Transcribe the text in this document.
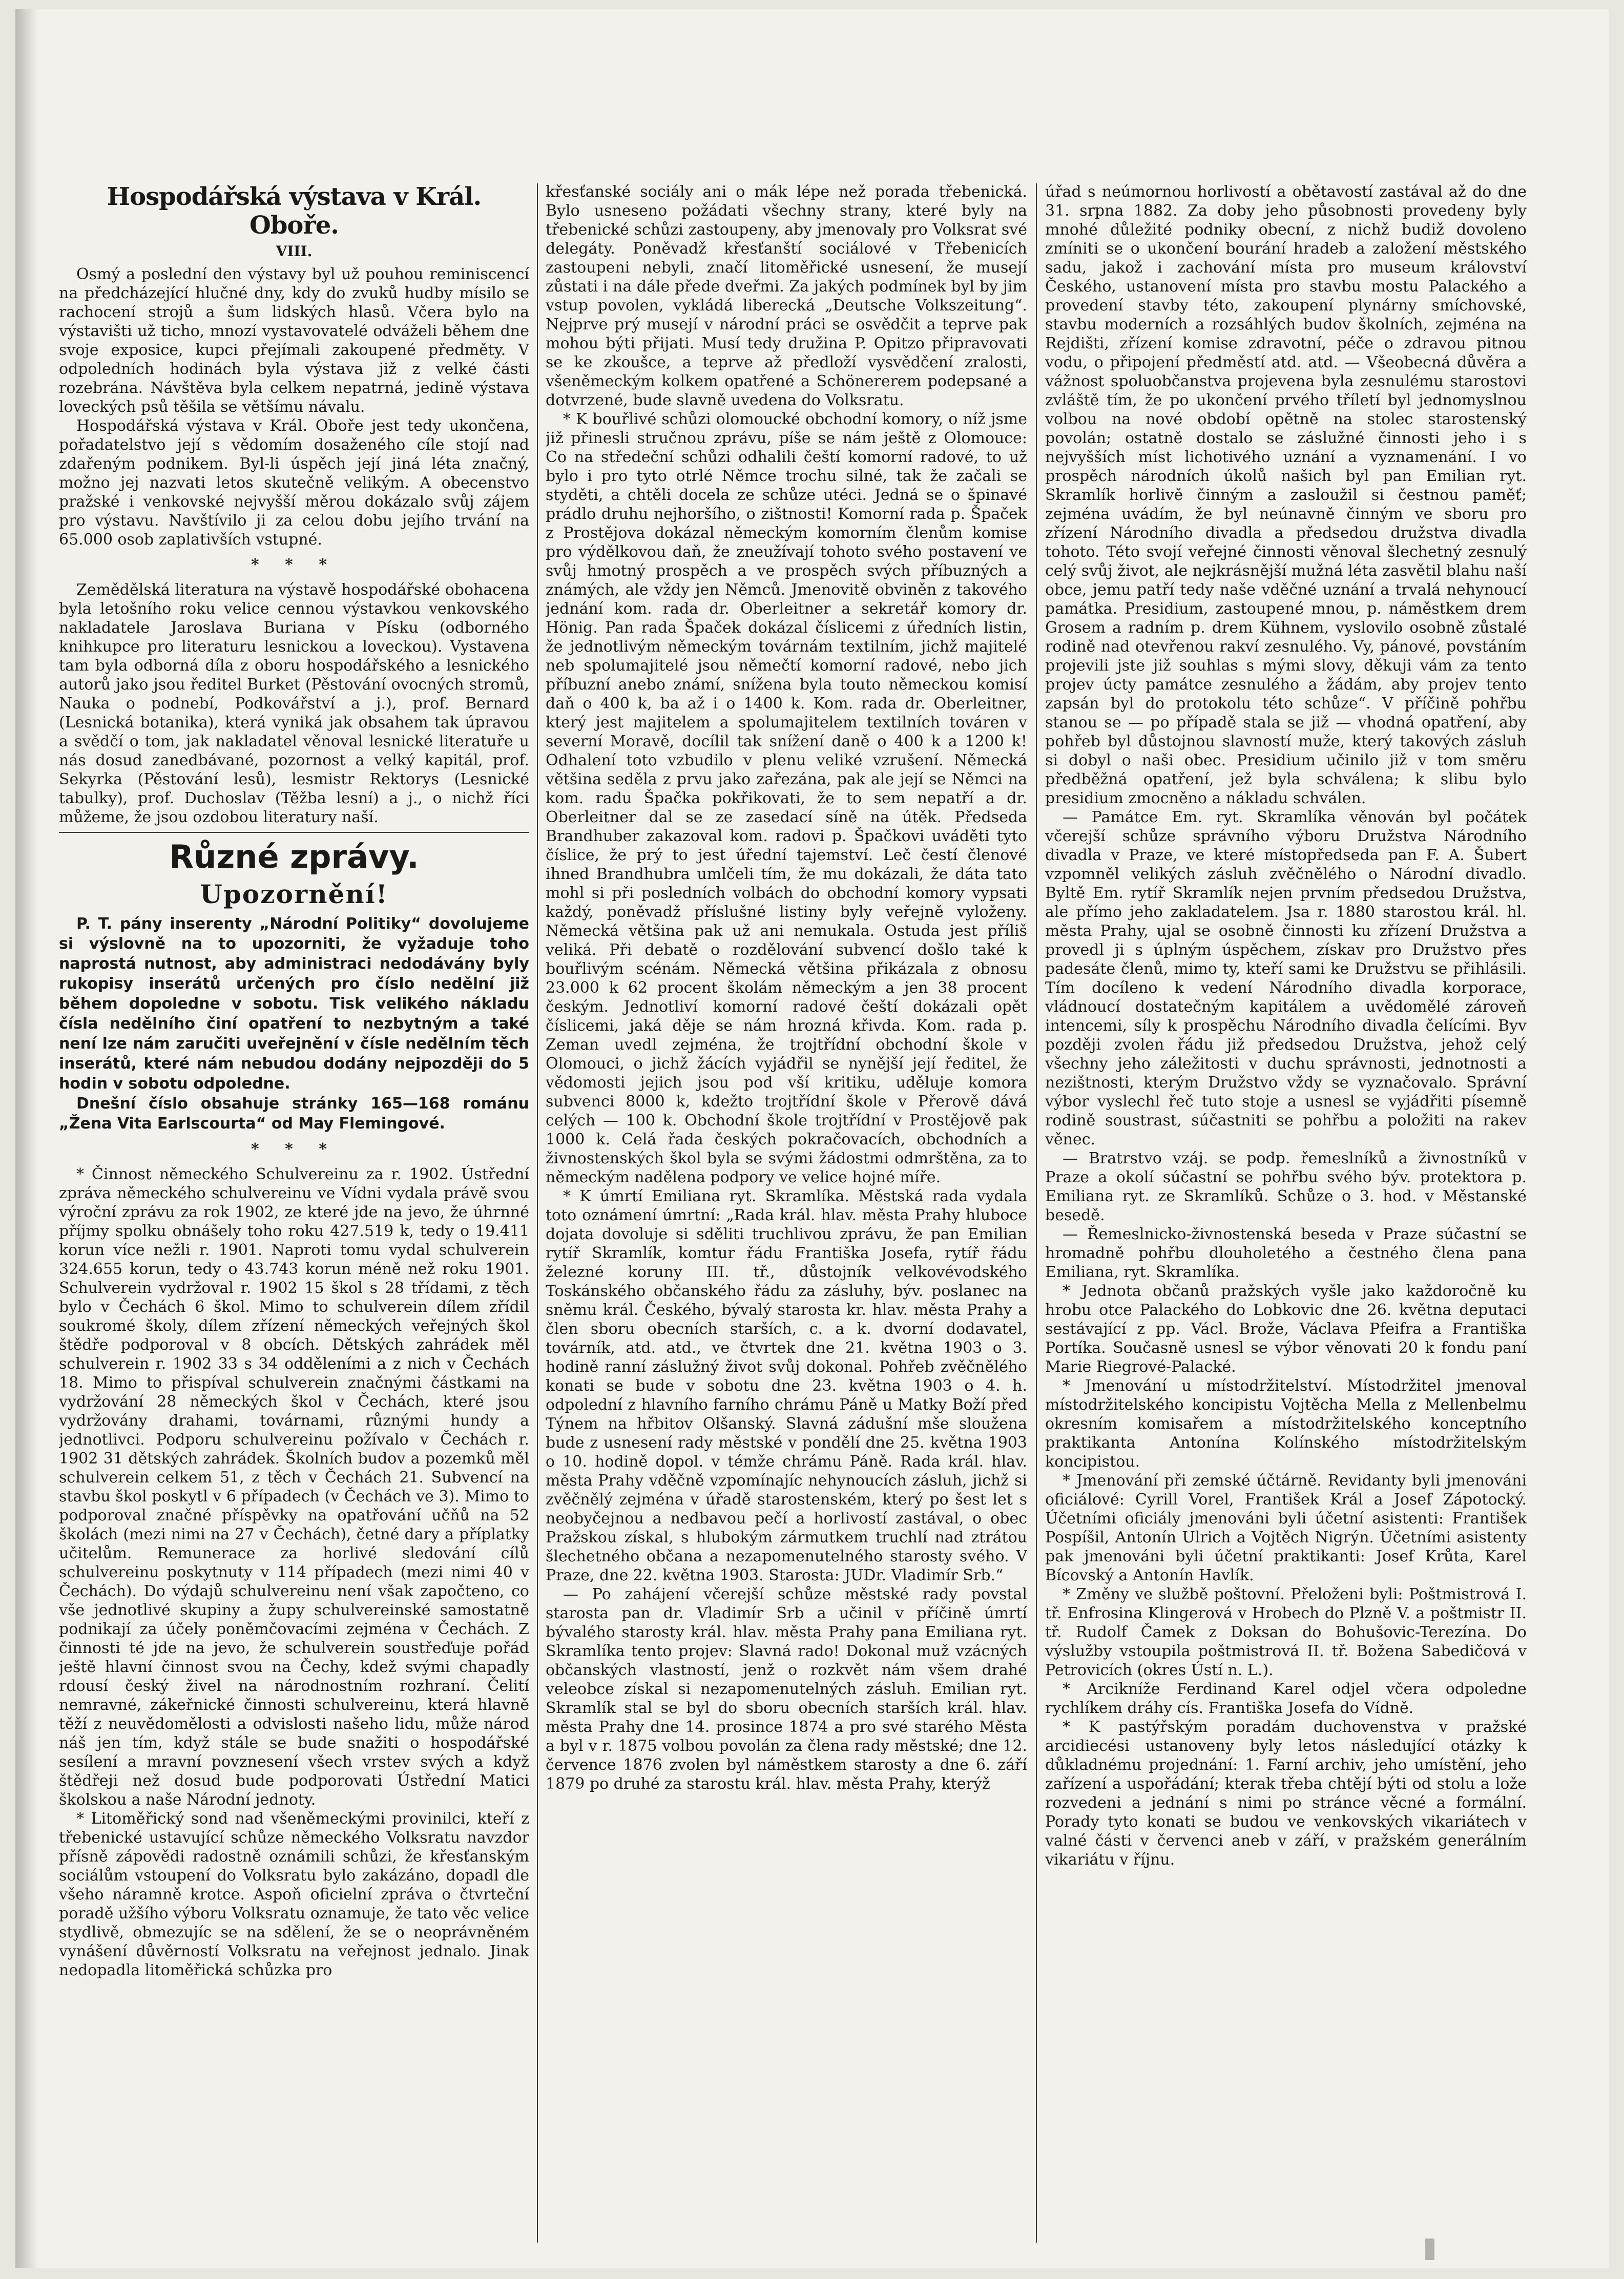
Hospodářská výstava v Král. Oboře.
VIII.

Osmý a poslední den výstavy byl už pouhou reminiscencí na předcházející hlučné dny, kdy do zvuků hudby mísilo se rachocení strojů a šum lidských hlasů. Včera bylo na výstavišti už ticho, mnozí vystavovatelé odváželi během dne svoje exposice, kupci přejímali zakoupené předměty. V odpoledních hodinách byla výstava již z velké části rozebrána. Návštěva byla celkem nepatrná, jedině výstava loveckých psů těšila se většímu návalu.

Hospodářská výstava v Král. Oboře jest tedy ukončena, pořadatelstvo její s vědomím dosaženého cíle stojí nad zdařeným podnikem. Byl-li úspěch její jiná léta značný, možno jej nazvati letos skutečně velikým. A obecenstvo pražské i venkovské nejvyšší měrou dokázalo svůj zájem pro výstavu. Navštívilo ji za celou dobu jejího trvání na 65.000 osob zaplativších vstupné.

* * *

Zemědělská literatura na výstavě hospodářské obohacena byla letošního roku velice cennou výstavkou venkovského nakladatele Jaroslava Buriana v Písku (odborného knihkupce pro literaturu lesnickou a loveckou). Vystavena tam byla odborná díla z oboru hospodářského a lesnického autorů jako jsou ředitel Burket (Pěstování ovocných stromů, Nauka o podnebí, Podkovářství a j.), prof. Bernard (Lesnická botanika), která vyniká jak obsahem tak úpravou a svědčí o tom, jak nakladatel věnoval lesnické literatuře u nás dosud zanedbávané, pozornost a velký kapitál, prof. Sekyrka (Pěstování lesů), lesmistr Rektorys (Lesnické tabulky), prof. Duchoslav (Těžba lesní) a j., o nichž říci můžeme, že jsou ozdobou literatury naší.

Různé zprávy.
Upozornění!

P. T. pány inserenty „Národní Politiky“ dovolujeme si výslovně na to upozorniti, že vyžaduje toho naprostá nutnost, aby administraci nedodávány byly rukopisy inserátů určených pro číslo nedělní již během dopoledne v sobotu. Tisk velikého nákladu čísla nedělního činí opatření to nezbytným a také není lze nám zaručiti uveřejnění v čísle nedělním těch inserátů, které nám nebudou dodány nejpozději do 5 hodin v sobotu odpoledne.

Dnešní číslo obsahuje stránky 165—168 románu „Žena Vita Earlscourta“ od May Flemingové.

* * *

* Činnost německého Schulvereinu za r. 1902. Ústřední zpráva německého schulvereinu ve Vídni vydala právě svou výroční zprávu za rok 1902, ze které jde na jevo, že úhrnné příjmy spolku obnášely toho roku 427.519 k, tedy o 19.411 korun více nežli r. 1901. Naproti tomu vydal schulverein 324.655 korun, tedy o 43.743 korun méně než roku 1901. Schulverein vydržoval r. 1902 15 škol s 28 třídami, z těch bylo v Čechách 6 škol. Mimo to schulverein dílem zřídil soukromé školy, dílem zřízení německých veřejných škol štědře podporoval v 8 obcích. Dětských zahrádek měl schulverein r. 1902 33 s 34 odděleními a z nich v Čechách 18. Mimo to přispíval schulverein značnými částkami na vydržování 28 německých škol v Čechách, které jsou vydržovány drahami, továrnami, různými hundy a jednotlivci. Podporu schulvereinu požívalo v Čechách r. 1902 31 dětských zahrádek. Školních budov a pozemků měl schulverein celkem 51, z těch v Čechách 21. Subvencí na stavbu škol poskytl v 6 případech (v Čechách ve 3). Mimo to podporoval značné příspěvky na opatřování učňů na 52 školách (mezi nimi na 27 v Čechách), četné dary a příplatky učitelům. Remunerace za horlivé sledování cílů schulvereinu poskytnuty v 114 případech (mezi nimi 40 v Čechách). Do výdajů schulvereinu není však započteno, co vše jednotlivé skupiny a župy schulvereinské samostatně podnikají za účely poněmčovacími zejména v Čechách. Z činnosti té jde na jevo, že schulverein soustřeďuje pořád ještě hlavní činnost svou na Čechy, kdež svými chapadly rdousí český živel na národnostním rozhraní. Čelití nemravné, zákeřnické činnosti schulvereinu, která hlavně těží z neuvědomělosti a odvislosti našeho lidu, může národ náš jen tím, když stále se bude snažiti o hospodářské sesílení a mravní povznesení všech vrstev svých a když štědřeji než dosud bude podporovati Ústřední Matici školskou a naše Národní jednoty.

* Litoměřický sond nad všeněmeckými provinilci, kteří z třebenické ustavující schůze německého Volksratu navzdor přísně zápovědi radostně oznámili schůzi, že křesťanským sociálům vstoupení do Volksratu bylo zakázáno, dopadl dle všeho náramně krotce. Aspoň oficielní zpráva o čtvrteční poradě užšího výboru Volksratu oznamuje, že tato věc velice stydlivě, obmezujíc se na sdělení, že se o neoprávněném vynášení důvěrností Volksratu na veřejnost jednalo. Jinak nedopadla litoměřická schůzka pro

křesťanské sociály ani o mák lépe než porada třebenická. Bylo usneseno požádati všechny strany, které byly na třebenické schůzi zastoupeny, aby jmenovaly pro Volksrat své delegáty. Poněvadž křesťanští sociálové v Třebenicích zastoupeni nebyli, značí litoměřické usnesení, že musejí zůstati i na dále přede dveřmi. Za jakých podmínek byl by jim vstup povolen, vykládá liberecká „Deutsche Volkszeitung“. Nejprve prý musejí v národní práci se osvědčit a teprve pak mohou býti přijati. Musí tedy družina P. Opitzo připravovati se ke zkoušce, a teprve až předloží vysvědčení zralosti, všeněmeckým kolkem opatřené a Schönererem podepsané a dotvrzené, bude slavně uvedena do Volksratu.

* K bouřlivé schůzi olomoucké obchodní komory, o níž jsme již přinesli stručnou zprávu, píše se nám ještě z Olomouce: Co na středeční schůzi odhalili čeští komorní radové, to už bylo i pro tyto otrlé Němce trochu silné, tak že začali se styděti, a chtěli docela ze schůze utéci. Jedná se o špinavé prádlo druhu nejhoršího, o zištnosti! Komorní rada p. Špaček z Prostějova dokázal německým komorním členům komise pro výdělkovou daň, že zneužívají tohoto svého postavení ve svůj hmotný prospěch a ve prospěch svých příbuzných a známých, ale vždy jen Němců. Jmenovitě obviněn z takového jednání kom. rada dr. Oberleitner a sekretář komory dr. Hönig. Pan rada Špaček dokázal číslicemi z úředních listin, že jednotlivým německým továrnám textilním, jichž majitelé neb spolumajitelé jsou němečtí komorní radové, nebo jich příbuzní anebo známí, snížena byla touto německou komisí daň o 400 k, ba až i o 1400 k. Kom. rada dr. Oberleitner, který jest majitelem a spolumajitelem textilních továren v severní Moravě, docílil tak snížení daně o 400 k a 1200 k! Odhalení toto vzbudilo v plenu veliké vzrušení. Německá většina seděla z prvu jako zařezána, pak ale její se Němci na kom. radu Špačka pokřikovati, že to sem nepatří a dr. Oberleitner dal se ze zasedací síně na útěk. Předseda Brandhuber zakazoval kom. radovi p. Špačkovi uváděti tyto číslice, že prý to jest úřední tajemství. Leč čestí členové ihned Brandhubra umlčeli tím, že mu dokázali, že dáta tato mohl si při posledních volbách do obchodní komory vypsati každý, poněvadž příslušné listiny byly veřejně vyloženy. Německá většina pak už ani nemukala. Ostuda jest příliš veliká. Při debatě o rozdělování subvencí došlo také k bouřlivým scénám. Německá většina přikázala z obnosu 23.000 k 62 procent školám německým a jen 38 procent českým. Jednotliví komorní radové čeští dokázali opět číslicemi, jaká děje se nám hrozná křivda. Kom. rada p. Zeman uvedl zejména, že trojtřídní obchodní škole v Olomouci, o jichž žácích vyjádřil se nynější její ředitel, že vědomosti jejich jsou pod vší kritiku, uděluje komora subvenci 8000 k, kdežto trojtřídní škole v Přerově dává celých — 100 k. Obchodní škole trojtřídní v Prostějově pak 1000 k. Celá řada českých pokračovacích, obchodních a živnostenských škol byla se svými žádostmi odmrštěna, za to německým nadělena podpory ve velice hojné míře.

* K úmrtí Emiliana ryt. Skramlíka. Městská rada vydala toto oznámení úmrtní: „Rada král. hlav. města Prahy hluboce dojata dovoluje si sděliti truchlivou zprávu, že pan Emilian rytíř Skramlík, komtur řádu Františka Josefa, rytíř řádu železné koruny III. tř., důstojník velkovévodského Toskánského občanského řádu za zásluhy, býv. poslanec na sněmu král. Českého, bývalý starosta kr. hlav. města Prahy a člen sboru obecních starších, c. a k. dvorní dodavatel, továrník, atd. atd., ve čtvrtek dne 21. května 1903 o 3. hodině ranní záslužný život svůj dokonal. Pohřeb zvěčnělého konati se bude v sobotu dne 23. května 1903 o 4. h. odpolední z hlavního farního chrámu Páně u Matky Boží před Týnem na hřbitov Olšanský. Slavná zádušní mše sloužena bude z usnesení rady městské v pondělí dne 25. května 1903 o 10. hodině dopol. v témže chrámu Páně. Rada král. hlav. města Prahy vděčně vzpomínajíc nehynoucích zásluh, jichž si zvěčnělý zejména v úřadě starostenském, který po šest let s neobyčejnou a nedbavou pečí a horlivostí zastával, o obec Pražskou získal, s hlubokým zármutkem truchlí nad ztrátou šlechetného občana a nezapomenutelného starosty svého. V Praze, dne 22. května 1903. Starosta: JUDr. Vladimír Srb.“

— Po zahájení včerejší schůze městské rady povstal starosta pan dr. Vladimír Srb a učinil v příčině úmrtí bývalého starosty král. hlav. města Prahy pana Emiliana ryt. Skramlíka tento projev: Slavná rado! Dokonal muž vzácných občanských vlastností, jenž o rozkvět nám všem drahé veleobce získal si nezapomenutelných zásluh. Emilian ryt. Skramlík stal se byl do sboru obecních starších král. hlav. města Prahy dne 14. prosince 1874 a pro své starého Města a byl v r. 1875 volbou povolán za člena rady městské; dne 12. července 1876 zvolen byl náměstkem starosty a dne 6. září 1879 po druhé za starostu král. hlav. města Prahy, kterýž

úřad s neúmornou horlivostí a obětavostí zastával až do dne 31. srpna 1882. Za doby jeho působnosti provedeny byly mnohé důležité podniky obecní, z nichž budiž dovoleno zmíniti se o ukončení bourání hradeb a založení městského sadu, jakož i zachování místa pro museum království Českého, ustanovení místa pro stavbu mostu Palackého a provedení stavby této, zakoupení plynárny smíchovské, stavbu moderních a rozsáhlých budov školních, zejména na Rejdišti, zřízení komise zdravotní, péče o zdravou pitnou vodu, o připojení předměstí atd. atd. — Všeobecná důvěra a vážnost spoluobčanstva projevena byla zesnulému starostovi zvláště tím, že po ukončení prvého tříletí byl jednomyslnou volbou na nové období opětně na stolec starostenský povolán; ostatně dostalo se záslužné činnosti jeho i s nejvyšších míst lichotivého uznání a vyznamenání. I vo prospěch národních úkolů našich byl pan Emilian ryt. Skramlík horlivě činným a zasloužil si čestnou paměť; zejména uvádím, že byl neúnavně činným ve sboru pro zřízení Národního divadla a předsedou družstva divadla tohoto. Této svojí veřejné činnosti věnoval šlechetný zesnulý celý svůj život, ale nejkrásnější mužná léta zasvětil blahu naší obce, jemu patří tedy naše vděčné uznání a trvalá nehynoucí památka. Presidium, zastoupené mnou, p. náměstkem drem Grosem a radním p. drem Kühnem, vyslovilo osobně zůstalé rodině nad otevřenou rakví zesnulého. Vy, pánové, povstáním projevili jste již souhlas s mými slovy, děkuji vám za tento projev úcty památce zesnulého a žádám, aby projev tento zapsán byl do protokolu této schůze“. V příčině pohřbu stanou se — po případě stala se již — vhodná opatření, aby pohřeb byl důstojnou slavností muže, který takových zásluh si dobyl o naši obec. Presidium učinilo již v tom směru předběžná opatření, jež byla schválena; k slibu bylo presidium zmocněno a nákladu schválen.

— Památce Em. ryt. Skramlíka věnován byl počátek včerejší schůze správního výboru Družstva Národního divadla v Praze, ve které místopředseda pan F. A. Šubert vzpomněl velikých zásluh zvěčnělého o Národní divadlo. Byltě Em. rytíř Skramlík nejen prvním předsedou Družstva, ale přímo jeho zakladatelem. Jsa r. 1880 starostou král. hl. města Prahy, ujal se osobně činnosti ku zřízení Družstva a provedl ji s úplným úspěchem, získav pro Družstvo přes padesáte členů, mimo ty, kteří sami ke Družstvu se přihlásili. Tím docíleno k vedení Národního divadla korporace, vládnoucí dostatečným kapitálem a uvědomělé zároveň intencemi, síly k prospěchu Národního divadla čelícími. Byv později zvolen řádu již předsedou Družstva, jehož celý všechny jeho záležitosti v duchu správnosti, jednotnosti a nezištnosti, kterým Družstvo vždy se vyznačovalo. Správní výbor vyslechl řeč tuto stoje a usnesl se vyjádřiti písemně rodině soustrast, súčastniti se pohřbu a položiti na rakev věnec.

— Bratrstvo vzáj. se podp. řemeslníků a živnostníků v Praze a okolí súčastní se pohřbu svého býv. protektora p. Emiliana ryt. ze Skramlíků. Schůze o 3. hod. v Městanské besedě.

— Řemeslnicko-živnostenská beseda v Praze súčastní se hromadně pohřbu dlouholetého a čestného člena pana Emiliana, ryt. Skramlíka.

* Jednota občanů pražských vyšle jako každoročně ku hrobu otce Palackého do Lobkovic dne 26. května deputaci sestávající z pp. Václ. Brože, Václava Pfeifra a Františka Portíka. Současně usnesl se výbor věnovati 20 k fondu paní Marie Riegrové-Palacké.

* Jmenování u místodržitelství. Místodržitel jmenoval místodržitelského koncipistu Vojtěcha Mella z Mellenbelmu okresním komisařem a místodržitelského konceptního praktikanta Antonína Kolínského místodržitelským koncipistou.

* Jmenování při zemské účtárně. Revidanty byli jmenováni oficiálové: Cyrill Vorel, František Král a Josef Zápotocký. Účetními oficiály jmenováni byli účetní asistenti: František Pospíšil, Antonín Ulrich a Vojtěch Nigrýn. Účetními asistenty pak jmenováni byli účetní praktikanti: Josef Krůta, Karel Bícovský a Antonín Havlík.

* Změny ve službě poštovní. Přeloženi byli: Poštmistrová I. tř. Enfrosina Klingerová v Hrobech do Plzně V. a poštmistr II. tř. Rudolf Čamek z Doksan do Bohušovic-Terezína. Do výslužby vstoupila poštmistrová II. tř. Božena Sabedičová v Petrovicích (okres Ústí n. L.).

* Arcikníže Ferdinand Karel odjel včera odpoledne rychlíkem dráhy cís. Františka Josefa do Vídně.

* K pastýřským poradám duchovenstva v pražské arcidiecési ustanoveny byly letos následující otázky k důkladnému projednání: 1. Farní archiv, jeho umístění, jeho zařízení a uspořádání; kterak třeba chtějí býti od stolu a lože rozvedeni a jednání s nimi po stránce věcné a formální. Porady tyto konati se budou ve venkovských vikariátech v valné části v červenci aneb v září, v pražském generálním vikariátu v říjnu.
